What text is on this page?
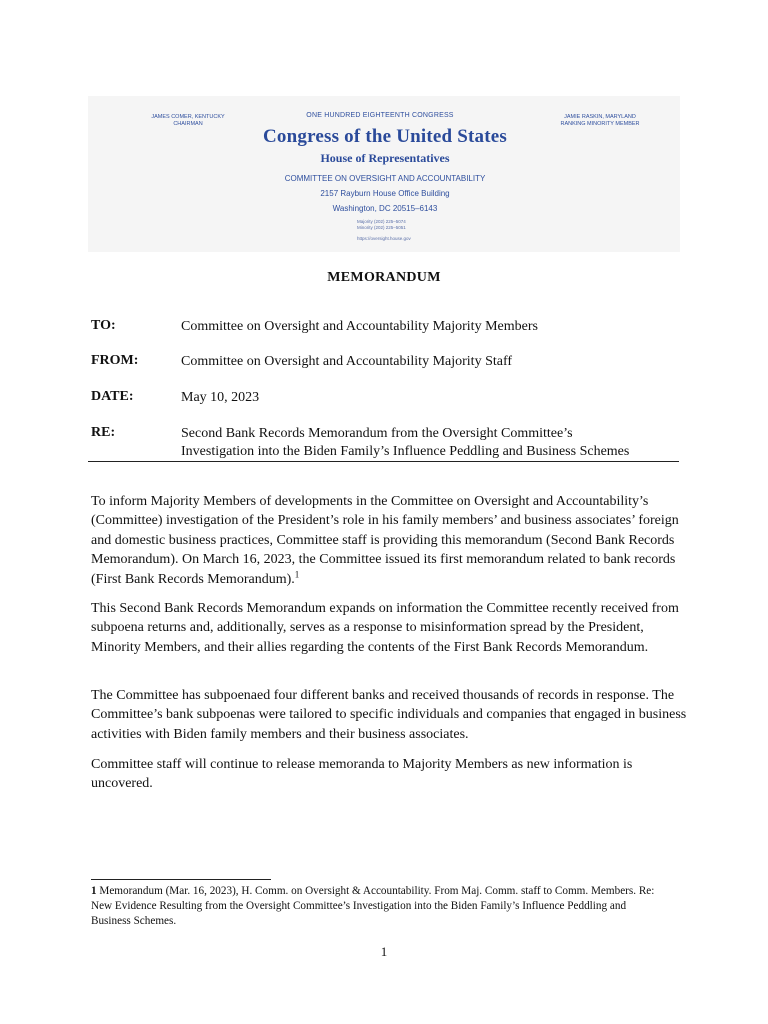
JAMES COMER, KENTUCKY
CHAIRMAN
ONE HUNDRED EIGHTEENTH CONGRESS
Congress of the United States
House of Representatives
COMMITTEE ON OVERSIGHT AND ACCOUNTABILITY
2157 Rayburn House Office Building
Washington, DC 20515–6143
Majority (202) 225–5074
Minority (202) 225–5051
https://oversight.house.gov
JAMIE RASKIN, MARYLAND
RANKING MINORITY MEMBER
MEMORANDUM
TO:	Committee on Oversight and Accountability Majority Members
FROM:	Committee on Oversight and Accountability Majority Staff
DATE:	May 10, 2023
RE:	Second Bank Records Memorandum from the Oversight Committee’s
Investigation into the Biden Family’s Influence Peddling and Business Schemes

To inform Majority Members of developments in the Committee on Oversight and Accountability’s (Committee) investigation of the President’s role in his family members’ and business associates’ foreign and domestic business practices, Committee staff is providing this memorandum (Second Bank Records Memorandum). On March 16, 2023, the Committee issued its first memorandum related to bank records (First Bank Records Memorandum).$^1$

This Second Bank Records Memorandum expands on information the Committee recently received from subpoena returns and, additionally, serves as a response to misinformation spread by the President, Minority Members, and their allies regarding the contents of the First Bank Records Memorandum.

The Committee has subpoenaed four different banks and received thousands of records in response. The Committee’s bank subpoenas were tailored to specific individuals and companies that engaged in business activities with Biden family members and their business associates.

Committee staff will continue to release memoranda to Majority Members as new information is uncovered.

1 Memorandum (Mar. 16, 2023), H. Comm. on Oversight & Accountability. From Maj. Comm. staff to Comm. Members. Re: New Evidence Resulting from the Oversight Committee’s Investigation into the Biden Family’s Influence Peddling and Business Schemes.

1
